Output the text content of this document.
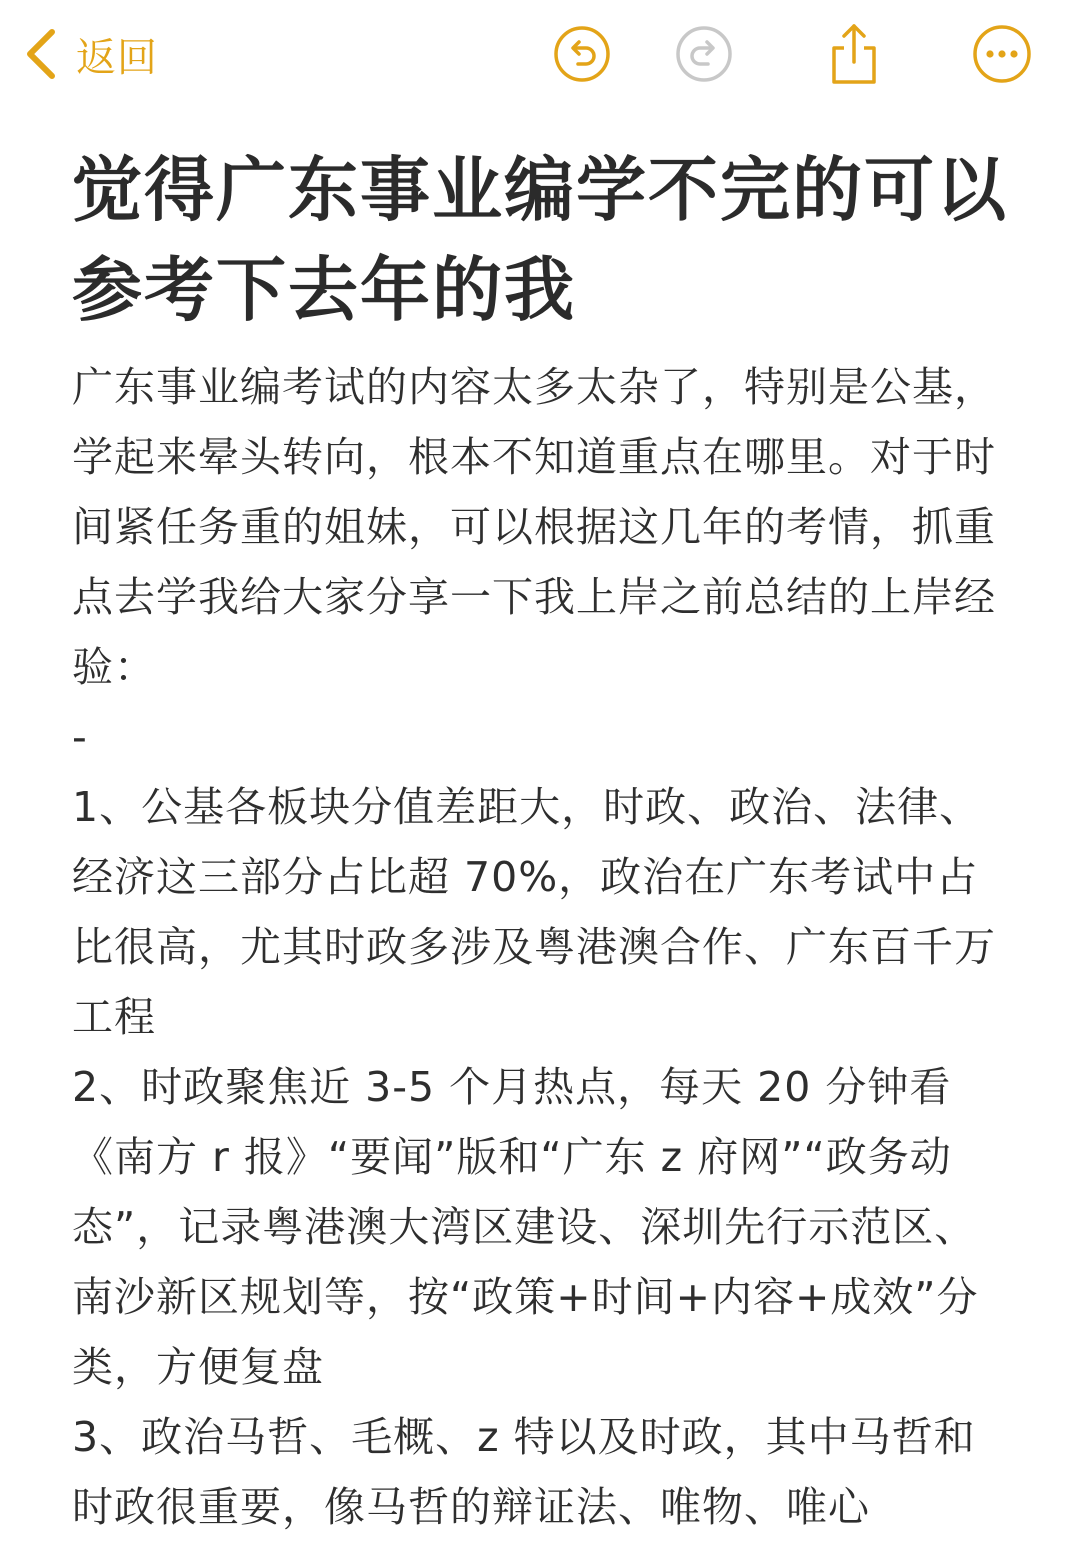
返回
觉得广东事业编学不完的可以参考下去年的我

广东事业编考试的内容太多太杂了，特别是公基，学起来晕头转向，根本不知道重点在哪里。对于时间紧任务重的姐妹，可以根据这几年的考情，抓重点去学我给大家分享一下我上岸之前总结的上岸经验：

-

1、公基各板块分值差距大，时政、政治、法律、经济这三部分占比超 70%，政治在广东考试中占比很高，尤其时政多涉及粤港澳合作、广东百千万工程

2、时政聚焦近 3-5 个月热点，每天 20 分钟看《南方 r 报》“要闻”版和“广东 z 府网”“政务动态”，记录粤港澳大湾区建设、深圳先行示范区、南沙新区规划等，按“政策+时间+内容+成效”分类，方便复盘

3、政治马哲、毛概、z 特以及时政，其中马哲和时政很重要，像马哲的辩证法、唯物、唯心
